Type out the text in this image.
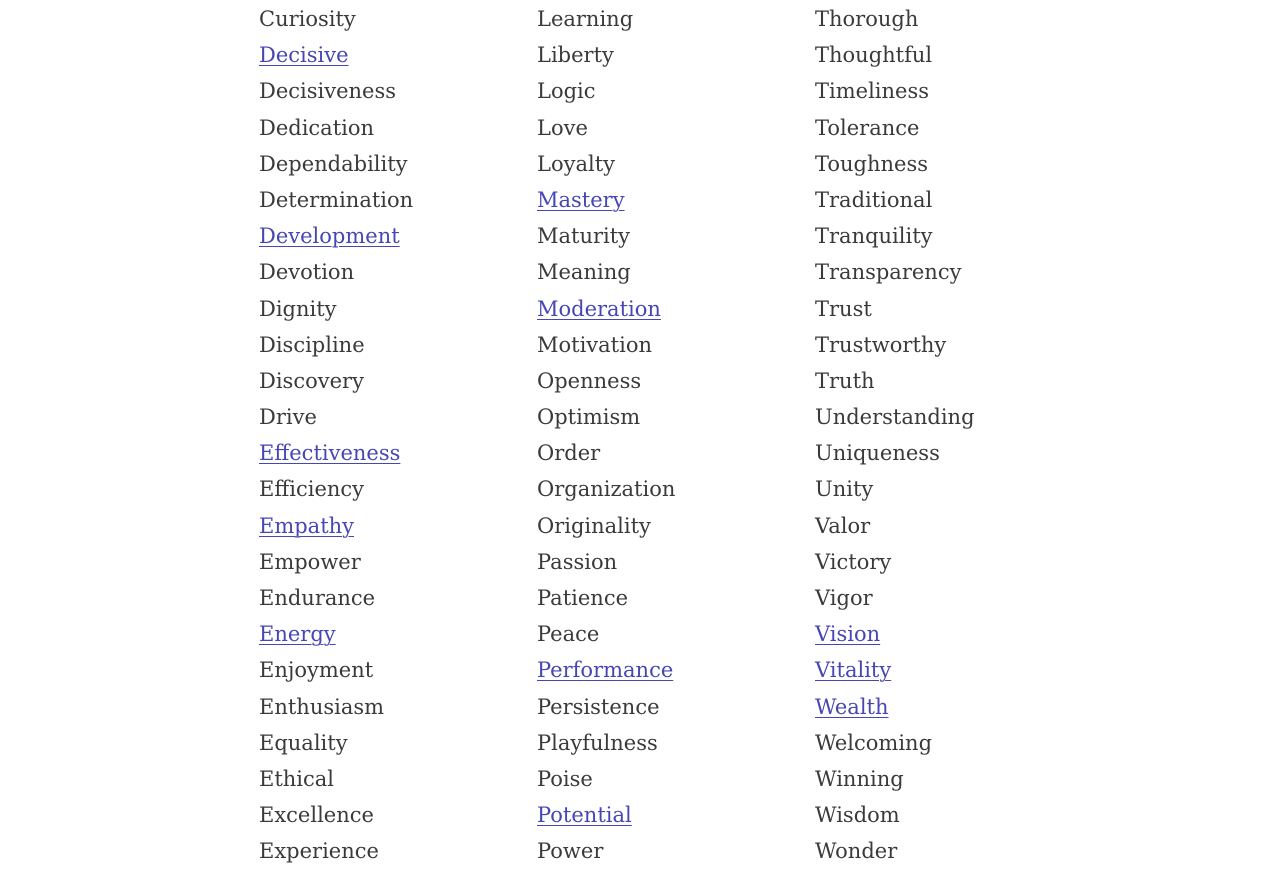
Curiosity
Decisive
Decisiveness
Dedication
Dependability
Determination
Development
Devotion
Dignity
Discipline
Discovery
Drive
Effectiveness
Efficiency
Empathy
Empower
Endurance
Energy
Enjoyment
Enthusiasm
Equality
Ethical
Excellence
Experience
Learning
Liberty
Logic
Love
Loyalty
Mastery
Maturity
Meaning
Moderation
Motivation
Openness
Optimism
Order
Organization
Originality
Passion
Patience
Peace
Performance
Persistence
Playfulness
Poise
Potential
Power
Thorough
Thoughtful
Timeliness
Tolerance
Toughness
Traditional
Tranquility
Transparency
Trust
Trustworthy
Truth
Understanding
Uniqueness
Unity
Valor
Victory
Vigor
Vision
Vitality
Wealth
Welcoming
Winning
Wisdom
Wonder
